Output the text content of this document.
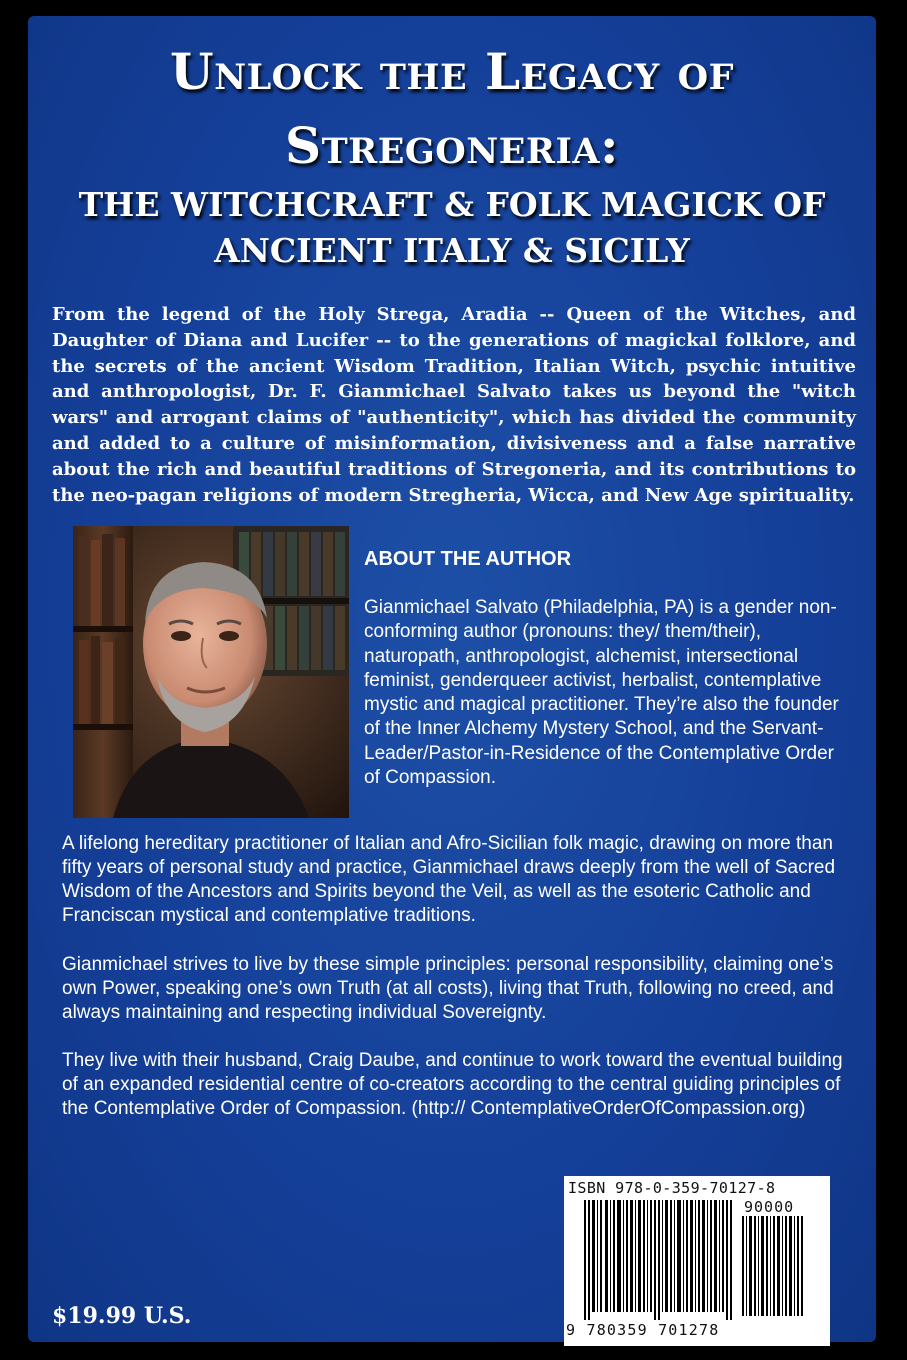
Unlock the Legacy of
Stregoneria:
THE WITCHCRAFT & FOLK MAGICK OF
ANCIENT ITALY & SICILY

From the legend of the Holy Strega, Aradia -- Queen of the Witches, and Daughter of Diana and Lucifer -- to the generations of magickal folklore, and the secrets of the ancient Wisdom Tradition, Italian Witch, psychic intuitive and anthropologist, Dr. F. Gianmichael Salvato takes us beyond the "witch wars" and arrogant claims of "authenticity", which has divided the community and added to a culture of misinformation, divisiveness and a false narrative about the rich and beautiful traditions of Stregoneria, and its contributions to the neo-pagan religions of modern Stregheria, Wicca, and New Age spirituality.

ABOUT THE AUTHOR

Gianmichael Salvato (Philadelphia, PA) is a gender non-conforming author (pronouns: they/ them/their), naturopath, anthropologist, alchemist, intersectional feminist, genderqueer activist, herbalist, contemplative mystic and magical practitioner. They’re also the founder of the Inner Alchemy Mystery School, and the Servant-Leader/Pastor-in-Residence of the Contemplative Order of Compassion.

A lifelong hereditary practitioner of Italian and Afro-Sicilian folk magic, drawing on more than fifty years of personal study and practice, Gianmichael draws deeply from the well of Sacred Wisdom of the Ancestors and Spirits beyond the Veil, as well as the esoteric Catholic and Franciscan mystical and contemplative traditions.

Gianmichael strives to live by these simple principles: personal responsibility, claiming one’s own Power, speaking one’s own Truth (at all costs), living that Truth, following no creed, and always maintaining and respecting individual Sovereignty.

They live with their husband, Craig Daube, and continue to work toward the eventual building of an expanded residential centre of co-creators according to the central guiding principles of the Contemplative Order of Compassion. (http:// ContemplativeOrderOfCompassion.org)

$19.99 U.S.
ISBN 978-0-359-70127-8
90000
9 780359 701278
